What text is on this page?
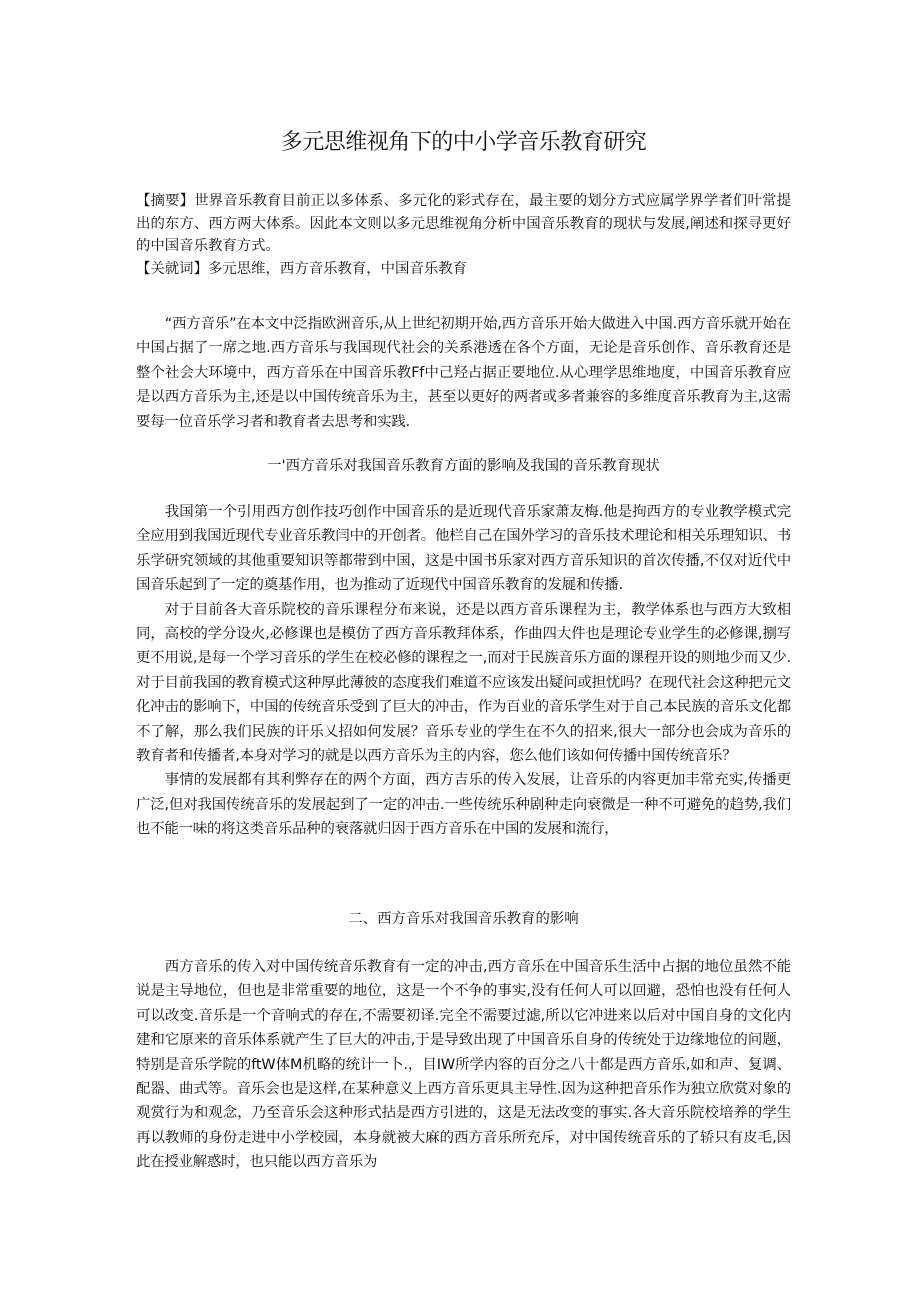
多元思维视角下的中小学音乐教育研究

【摘要】世界音乐教育目前正以多体系、多元化的彩式存在，最主要的划分方式应属学界学者们叶常提出的东方、西方两大体系。因此本文则以多元思维视角分析中国音乐教育的现状与发展,阐述和探寻更好的中国音乐教育方式。

【关就词】多元思维，西方音乐教育，中国音乐教育

“西方音乐”在本文中泛指欧洲音乐,从上世纪初期开始,西方音乐开始大做进入中国.西方音乐就开始在中国占据了一席之地.西方音乐与我国现代社会的关系港透在各个方面，无论是音乐创作、音乐教育还是整个社会大环境中，西方音乐在中国音乐教Ff中己羟占据正要地位.从心理学思维地度，中国音乐教育应是以西方音乐为主,还是以中国传统音乐为主，甚至以更好的两者或多者兼容的多维度音乐教育为主,这需要每一位音乐学习者和教育者去思考和实践.

一'西方音乐对我国音乐教育方面的影响及我国的音乐教育现状

我国第一个引用西方创作技巧创作中国音乐的是近现代音乐家萧友梅.他是拘西方的专业教学模式完全应用到我国近现代专业音乐教闫中的开创者。他栏自己在国外学习的音乐技术理论和相关乐理知识、书乐学研究领域的其他重要知识等都带到中国，这是中国书乐家对西方音乐知识的首次传播,不仅对近代中国音乐起到了一定的奠基作用，也为推动了近现代中国音乐教育的发屣和传播.

对于目前各大音乐院校的音乐课程分布来说，还是以西方音乐课程为主，教学体系也与西方大致相同，高校的学分设火,必修课也是模仿了西方音乐教拜体系，作曲四大件也是理论专业学生的必修课,捌写更不用说,是每一个学习音乐的学生在校必修的课程之一,而对于民族音乐方面的课程开设的则地少而又少.对于目前我国的教育模式这种厚此薄彼的态度我们难道不应该发出疑问或担忧吗？在现代社会这种把元文化冲击的影响下，中国的传统音乐受到了巨大的冲击，作为百业的音乐学生对于自己本民族的音乐文化都不了解，那么我们民族的讦乐乂招如何发展？音乐专业的学生在不久的招来,很大一部分也会成为音乐的教育者和传播者,本身对学习的就是以西方音乐为主的内容，您么他们该如何传播中国传统音乐？

事情的发展都有其利弊存在的两个方面，西方吉乐的传入发展，让音乐的内容更加丰常充实,传播更广泛,但对我国传统音乐的发展起到了一定的冲击.一些传统乐种剧种走向衰微是一种不可避免的趋势,我们也不能一味的将这类音乐品种的衰落就归因于西方音乐在中国的发展和流行，

二、西方音乐对我国音乐教育的影响

西方音乐的传入对中国传统音乐教育有一定的冲击,西方音乐在中国音乐生活中占据的地位虽然不能说是主导地位，但也是非常重要的地位，这是一个不争的事实,没有任何人可以回避，恐怕也没有任何人可以改变.音乐是一个音响式的存在,不需要初译.完全不需要过滤,所以它冲进来以后对中国自身的文化内建和它原来的音乐体系就产生了巨大的冲击,于是导致出现了中国音乐自身的传统处于边缘地位的问题，特别是音乐学院的ftW体M机略的统计一卜.，目IW所学内容的百分之八十都是西方音乐,如和声、复调、配器、曲式等。音乐会也是这样,在某种意义上西方音乐更具主导性.因为这种把音乐作为独立欣赏对象的观赏行为和观念，乃至音乐会这种形式拈是西方引进的，这是无法改变的事实.各大音乐院校培养的学生再以教师的身份走进中小学校园，本身就被大麻的西方音乐所充斥，对中国传统音乐的了轿只有皮毛,因此在授业解惑时，也只能以西方音乐为
